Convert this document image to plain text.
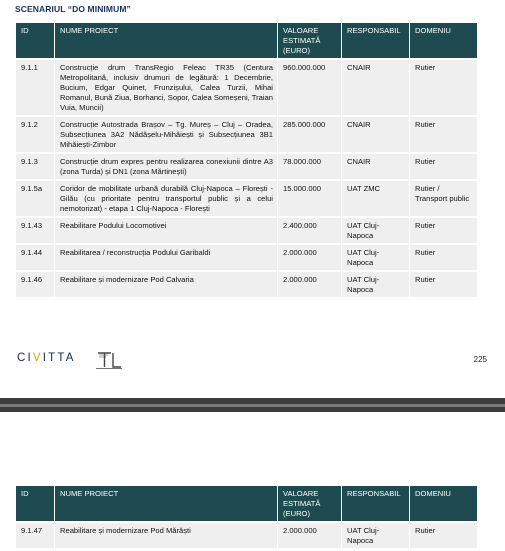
SCENARIUL “DO MINIMUM”
ID	NUME PROIECT	VALOARE ESTIMATĂ (EURO)	RESPONSABIL	DOMENIU
9.1.1	Construcție drum TransRegio Feleac TR35 (Centura Metropolitană, inclusiv drumuri de legătură: 1 Decembrie, Bucium, Edgar Quinet, Frunzișului, Calea Turzii, Mihai Romanul, Bună Ziua, Borhanci, Sopor, Calea Someșeni, Traian Vuia, Muncii)	960.000.000	CNAIR	Rutier
9.1.2	Construcție Autostrada Brașov – Tg. Mureș – Cluj – Oradea, Subsecțiunea 3A2 Nădășelu-Mihăiești și Subsecțiunea 3B1 Mihăiești-Zimbor	285.000.000	CNAIR	Rutier
9.1.3	Construcție drum expres pentru realizarea conexiunii dintre A3 (zona Turda) și DN1 (zona Mărtinești)	78.000.000	CNAIR	Rutier
9.1.5a	Coridor de mobilitate urbană durabilă Cluj-Napoca – Florești - Gilău (cu prioritate pentru transportul public și a celui nemotorizat) - etapa 1 Cluj-Napoca - Florești	15.000.000	UAT ZMC	Rutier / Transport public
9.1.43	Reabilitare Podului Locomotivei	2.400.000	UAT Cluj-Napoca	Rutier
9.1.44	Reabilitarea / reconstrucția Podului Garibaldi	2.000.000	UAT Cluj-Napoca	Rutier
9.1.46	Reabilitare și modernizare Pod Calvaria	2.000.000	UAT Cluj-Napoca	Rutier
CIVITTA	225
ID	NUME PROIECT	VALOARE ESTIMATĂ (EURO)	RESPONSABIL	DOMENIU
9.1.47	Reabilitare și modernizare Pod Mărăști	2.000.000	UAT Cluj-Napoca	Rutier
